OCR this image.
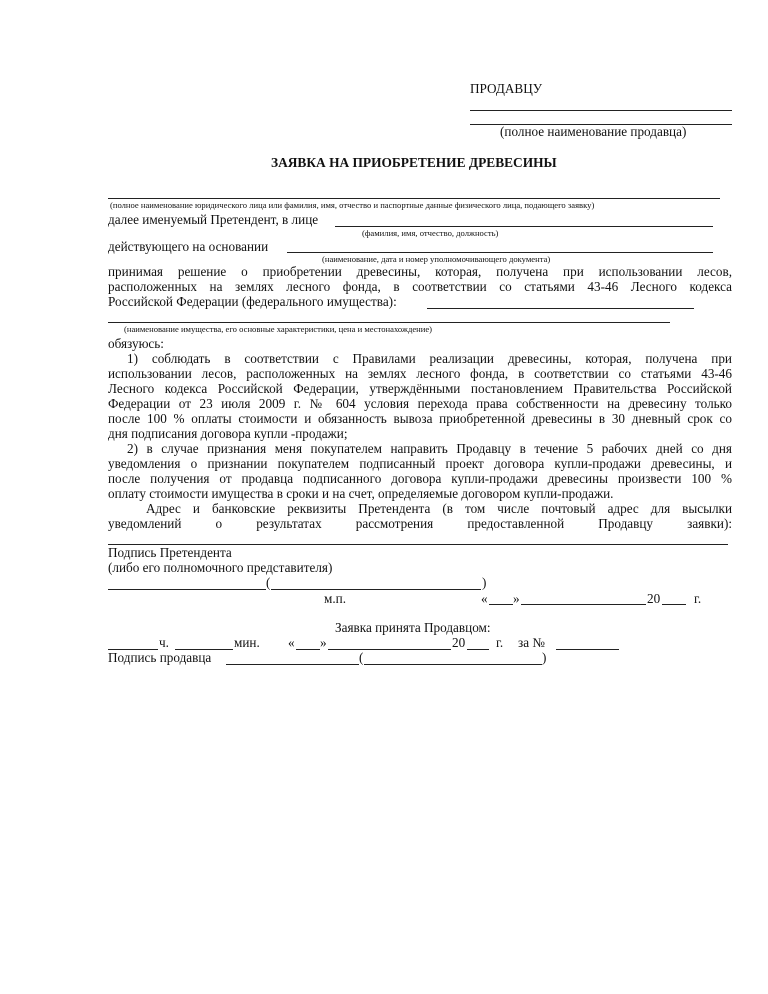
ПРОДАВЦУ
(полное наименование продавца)
ЗАЯВКА НА ПРИОБРЕТЕНИЕ ДРЕВЕСИНЫ
(полное наименование юридического лица или фамилия, имя, отчество и паспортные данные физического лица, подающего заявку)
далее именуемый Претендент, в лице
(фамилия, имя, отчество, должность)
действующего на основании
(наименование, дата и номер уполномочивающего документа)
принимая решение о приобретении древесины, которая, получена при использовании лесов,
расположенных на землях лесного фонда, в соответствии со статьями 43-46 Лесного кодекса
Российской Федерации (федерального имущества):
(наименование имущества, его основные характеристики, цена и местонахождение)
обязуюсь:
1) соблюдать в соответствии с Правилами реализации древесины, которая, получена при
использовании лесов, расположенных на землях лесного фонда, в соответствии со статьями 43-46
Лесного кодекса Российской Федерации, утверждёнными постановлением Правительства Российской
Федерации от 23 июля 2009 г. № 604 условия перехода права собственности на древесину только
после 100 % оплаты стоимости и обязанность вывоза приобретенной древесины в 30 дневный срок со
дня подписания договора купли -продажи;
2) в случае признания меня покупателем направить Продавцу в течение 5 рабочих дней со дня
уведомления о признании покупателем подписанный проект договора купли-продажи древесины, и
после получения от продавца подписанного договора купли-продажи древесины произвести 100 %
оплату стоимости имущества в сроки и на счет, определяемые договором купли-продажи.
Адрес и банковские реквизиты Претендента (в том числе почтовый адрес для высылки
уведомлений о результатах рассмотрения предоставленной Продавцу заявки):
Подпись Претендента
(либо его полномочного представителя)
(	)
м.п.	« »	20	г.
Заявка принята Продавцом:
ч.	мин. « »	20 г. за №
Подпись продавца	(	)
